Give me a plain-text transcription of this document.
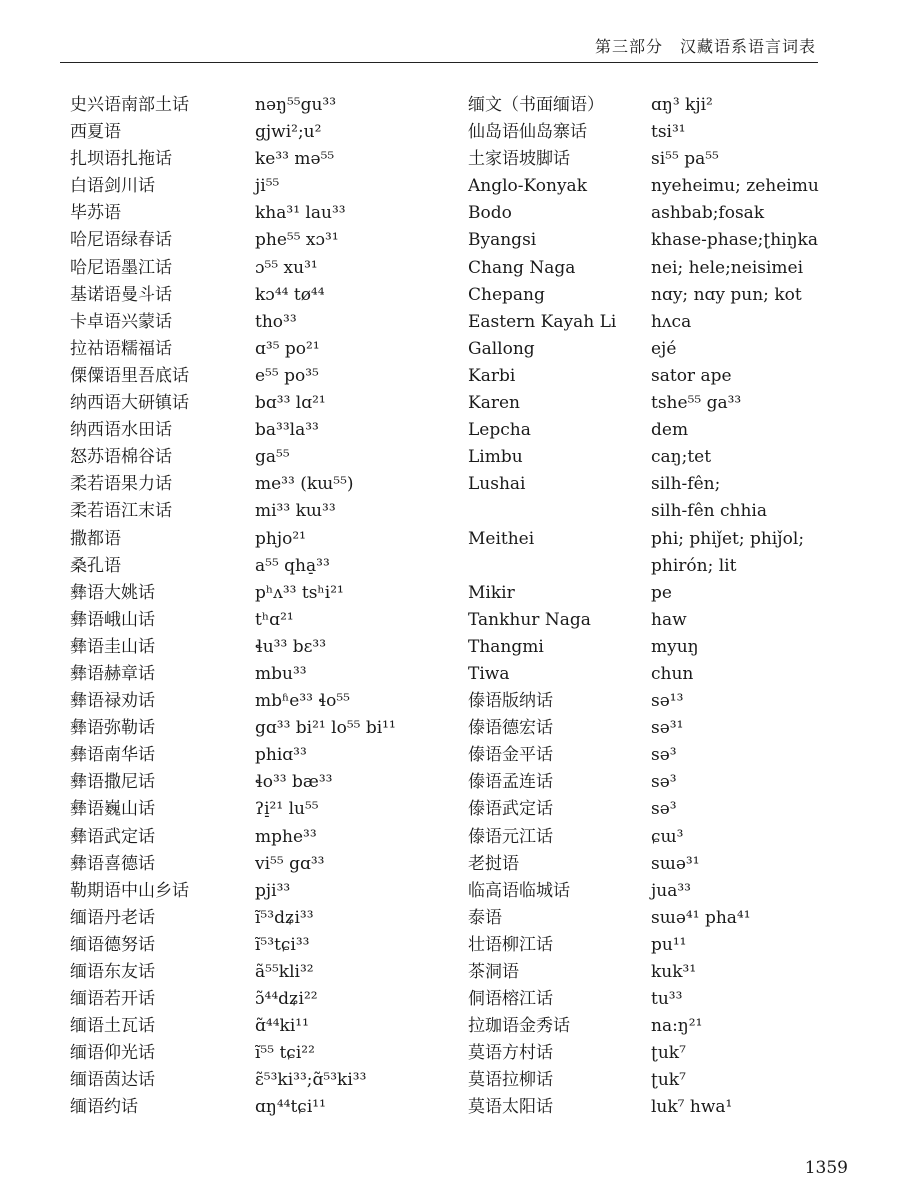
第三部分　汉藏语系语言词表
史兴语南部土话	nəŋ⁵⁵gu³³
西夏语	gjwi²;u²
扎坝语扎拖话	ke³³ mə⁵⁵
白语剑川话	ji⁵⁵
毕苏语	kha³¹ lau³³
哈尼语绿春话	phe⁵⁵ xɔ³¹
哈尼语墨江话	ɔ⁵⁵ xu³¹
基诺语曼斗话	kɔ⁴⁴ tø⁴⁴
卡卓语兴蒙话	tho³³
拉祜语糯福话	ɑ³⁵ po²¹
傈僳语里吾底话	e⁵⁵ po³⁵
纳西语大研镇话	bɑ³³ lɑ²¹
纳西语水田话	ba³³la³³
怒苏语棉谷话	ga⁵⁵
柔若语果力话	me³³ (kɯ⁵⁵)
柔若语江末话	mi³³ kɯ³³
撒都语	phjo²¹
桑孔语	a⁵⁵ qha̠³³
彝语大姚话	pʰʌ³³ tsʰi²¹
彝语峨山话	tʰɑ²¹
彝语圭山话	ɬu³³ bɛ³³
彝语赫章话	mbu³³
彝语禄劝话	mbʱe³³ ɬo⁵⁵
彝语弥勒话	gɑ³³ bi²¹ lo⁵⁵ bi¹¹
彝语南华话	phiɑ³³
彝语撒尼话	ɬo³³ bæ³³
彝语巍山话	ʔi̠²¹ lu⁵⁵
彝语武定话	mphe³³
彝语喜德话	vi⁵⁵ gɑ³³
勒期语中山乡话	pji³³
缅语丹老话	ĩ⁵³dʑi³³
缅语德努话	ĩ⁵³tɕi³³
缅语东友话	ã⁵⁵kli³²
缅语若开话	ɔ̃⁴⁴dʑi²²
缅语土瓦话	ɑ̃⁴⁴ki¹¹
缅语仰光话	ĩ⁵⁵ tɕi²²
缅语茵达话	ɛ̃⁵³ki³³;ɑ̃⁵³ki³³
缅语约话	ɑŋ⁴⁴tɕi¹¹
缅文（书面缅语）	ɑŋ³ kji²
仙岛语仙岛寨话	tsi³¹
土家语坡脚话	si⁵⁵ pa⁵⁵
Anglo-Konyak	nyeheimu; zeheimu
Bodo	ashbab;fosak
Byangsi	khase-phase;ʈhiŋka
Chang Naga	nei; hele;neisimei
Chepang	nɑy; nɑy pun; kot
Eastern Kayah Li	hʌca
Gallong	ejé
Karbi	sator ape
Karen	tshe⁵⁵ ga³³
Lepcha	dem
Limbu	caŋ;tet
Lushai	silh-fên;
silh-fên chhia
Meithei	phi; phiȷ̌et; phiǰol;
phirón; lit
Mikir	pe
Tankhur Naga	haw
Thangmi	myuŋ
Tiwa	chun
傣语版纳话	sə¹³
傣语德宏话	sə³¹
傣语金平话	sə³
傣语孟连话	sə³
傣语武定话	sə³
傣语元江话	ɕɯ³
老挝语	sɯə³¹
临高语临城话	jua³³
泰语	sɯə⁴¹ pha⁴¹
壮语柳江话	pu¹¹
茶洞语	kuk³¹
侗语榕江话	tu³³
拉珈语金秀话	na:ŋ²¹
莫语方村话	ʈuk⁷
莫语拉柳话	ʈuk⁷
莫语太阳话	luk⁷ hwa¹
1359
